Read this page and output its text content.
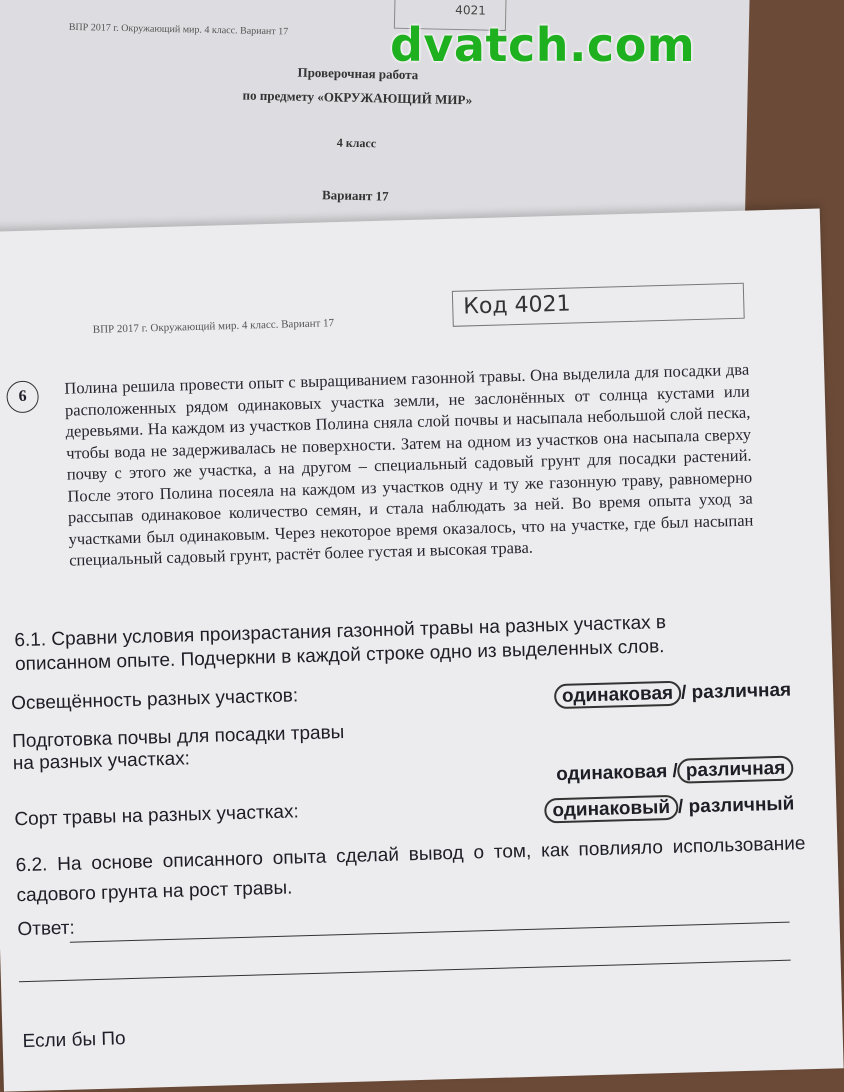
ВПР 2017 г. Окружающий мир. 4 класс. Вариант 17
4021
Проверочная работа
по предмету «ОКРУЖАЮЩИЙ МИР»
4 класс
Вариант 17
ВПР 2017 г. Окружающий мир. 4 класс. Вариант 17
Код 4021
6	Полина решила провести опыт с выращиванием газонной травы. Она выделила для посадки два расположенных рядом одинаковых участка земли, не заслонённых от солнца кустами или деревьями. На каждом из участков Полина сняла слой почвы и насыпала небольшой слой песка, чтобы вода не задерживалась не поверхности. Затем на одном из участков она насыпала сверху почву с этого же участка, а на другом – специальный садовый грунт для посадки растений. После этого Полина посеяла на каждом из участков одну и ту же газонную траву, равномерно рассыпав одинаковое количество семян, и стала наблюдать за ней. Во время опыта уход за участками был одинаковым. Через некоторое время оказалось, что на участке, где был насыпан специальный садовый грунт, растёт более густая и высокая трава.
6.1. Сравни условия произрастания газонной травы на разных участках в описанном опыте. Подчеркни в каждой строке одно из выделенных слов.
Освещённость разных участков:	одинаковая / различная
Подготовка почвы для посадки травы
на разных участках:	одинаковая / различная
Сорт травы на разных участках:	одинаковый / различный
6.2. На основе описанного опыта сделай вывод о том, как повлияло использование садового грунта на рост травы.
Ответ:
Если бы По
dvatch.com
